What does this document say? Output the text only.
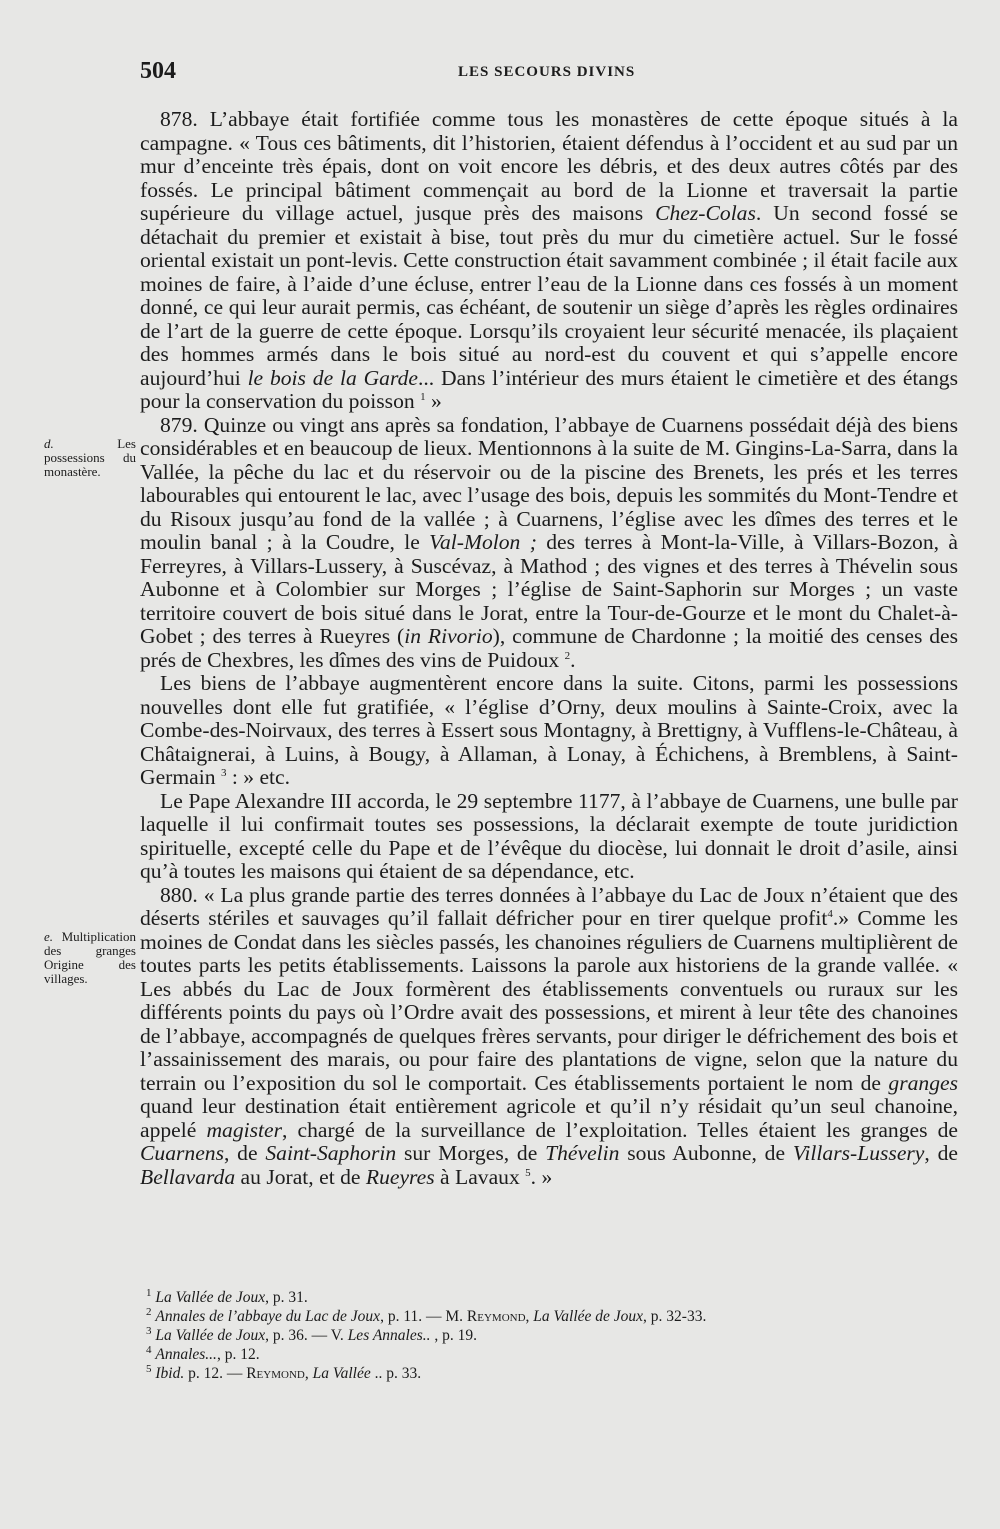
504	LES SECOURS DIVINS
d.	Les possessions du monastère.
e. Multiplication des granges Origine des villages.

878. L’abbaye était fortifiée comme tous les monastères de cette époque situés à la campagne. « Tous ces bâtiments, dit l’historien, étaient défendus à l’occident et au sud par un mur d’enceinte très épais, dont on voit encore les débris, et des deux autres côtés par des fossés. Le principal bâtiment commençait au bord de la Lionne et traversait la partie supérieure du village actuel, jusque près des maisons Chez-Colas. Un second fossé se détachait du premier et existait à bise, tout près du mur du cimetière actuel. Sur le fossé oriental existait un pont-levis. Cette construction était savamment combinée ; il était facile aux moines de faire, à l’aide d’une écluse, entrer l’eau de la Lionne dans ces fossés à un moment donné, ce qui leur aurait permis, cas échéant, de soutenir un siège d’après les règles ordinaires de l’art de la guerre de cette époque. Lorsqu’ils croyaient leur sécurité menacée, ils plaçaient des hommes armés dans le bois situé au nord-est du couvent et qui s’appelle encore aujourd’hui le bois de la Garde... Dans l’intérieur des murs étaient le cimetière et des étangs pour la conservation du poisson $^1$ »

879. Quinze ou vingt ans après sa fondation, l’abbaye de Cuarnens possédait déjà des biens considérables et en beaucoup de lieux. Mentionnons à la suite de M. Gingins-La-Sarra, dans la Vallée, la pêche du lac et du réservoir ou de la piscine des Brenets, les prés et les terres labourables qui entourent le lac, avec l’usage des bois, depuis les sommités du Mont-Tendre et du Risoux jusqu’au fond de la vallée ; à Cuarnens, l’église avec les dîmes des terres et le moulin banal ; à la Coudre, le Val-Molon ; des terres à Mont-la-Ville, à Villars-Bozon, à Ferreyres, à Villars-Lussery, à Suscévaz, à Mathod ; des vignes et des terres à Thévelin sous Aubonne et à Colombier sur Morges ; l’église de Saint-Saphorin sur Morges ; un vaste territoire couvert de bois situé dans le Jorat, entre la Tour-de-Gourze et le mont du Chalet-à-Gobet ; des terres à Rueyres (in Rivorio), commune de Chardonne ; la moitié des censes des prés de Chexbres, les dîmes des vins de Puidoux $^2$.

Les biens de l’abbaye augmentèrent encore dans la suite. Citons, parmi les possessions nouvelles dont elle fut gratifiée, « l’église d’Orny, deux moulins à Sainte-Croix, avec la Combe-des-Noirvaux, des terres à Essert sous Montagny, à Brettigny, à Vufflens-le-Château, à Châtaignerai, à Luins, à Bougy, à Allaman, à Lonay, à Échichens, à Bremblens, à Saint-Germain $^3$ : » etc.

Le Pape Alexandre III accorda, le 29 septembre 1177, à l’abbaye de Cuarnens, une bulle par laquelle il lui confirmait toutes ses possessions, la déclarait exempte de toute juridiction spirituelle, excepté celle du Pape et de l’évêque du diocèse, lui donnait le droit d’asile, ainsi qu’à toutes les maisons qui étaient de sa dépendance, etc.

880. « La plus grande partie des terres données à l’abbaye du Lac de Joux n’étaient que des déserts stériles et sauvages qu’il fallait défricher pour en tirer quelque profit$^4$.» Comme les moines de Condat dans les siècles passés, les chanoines réguliers de Cuarnens multiplièrent de toutes parts les petits établissements. Laissons la parole aux historiens de la grande vallée. « Les abbés du Lac de Joux formèrent des établissements conventuels ou ruraux sur les différents points du pays où l’Ordre avait des possessions, et mirent à leur tête des chanoines de l’abbaye, accompagnés de quelques frères servants, pour diriger le défrichement des bois et l’assainissement des marais, ou pour faire des plantations de vigne, selon que la nature du terrain ou l’exposition du sol le comportait. Ces établissements portaient le nom de granges quand leur destination était entièrement agricole et qu’il n’y résidait qu’un seul chanoine, appelé magister, chargé de la surveillance de l’exploitation. Telles étaient les granges de Cuarnens, de Saint-Saphorin sur Morges, de Thévelin sous Aubonne, de Villars-Lussery, de Bellavarda au Jorat, et de Rueyres à Lavaux $^5$. »

$^1$ La Vallée de Joux, p. 31.

$^2$ Annales de l’abbaye du Lac de Joux, p. 11. — M. Reymond, La Vallée de Joux, p. 32-33.

$^3$ La Vallée de Joux, p. 36. — V. Les Annales.. , p. 19.

$^4$ Annales..., p. 12.

$^5$ Ibid. p. 12. — Reymond, La Vallée .. p. 33.
